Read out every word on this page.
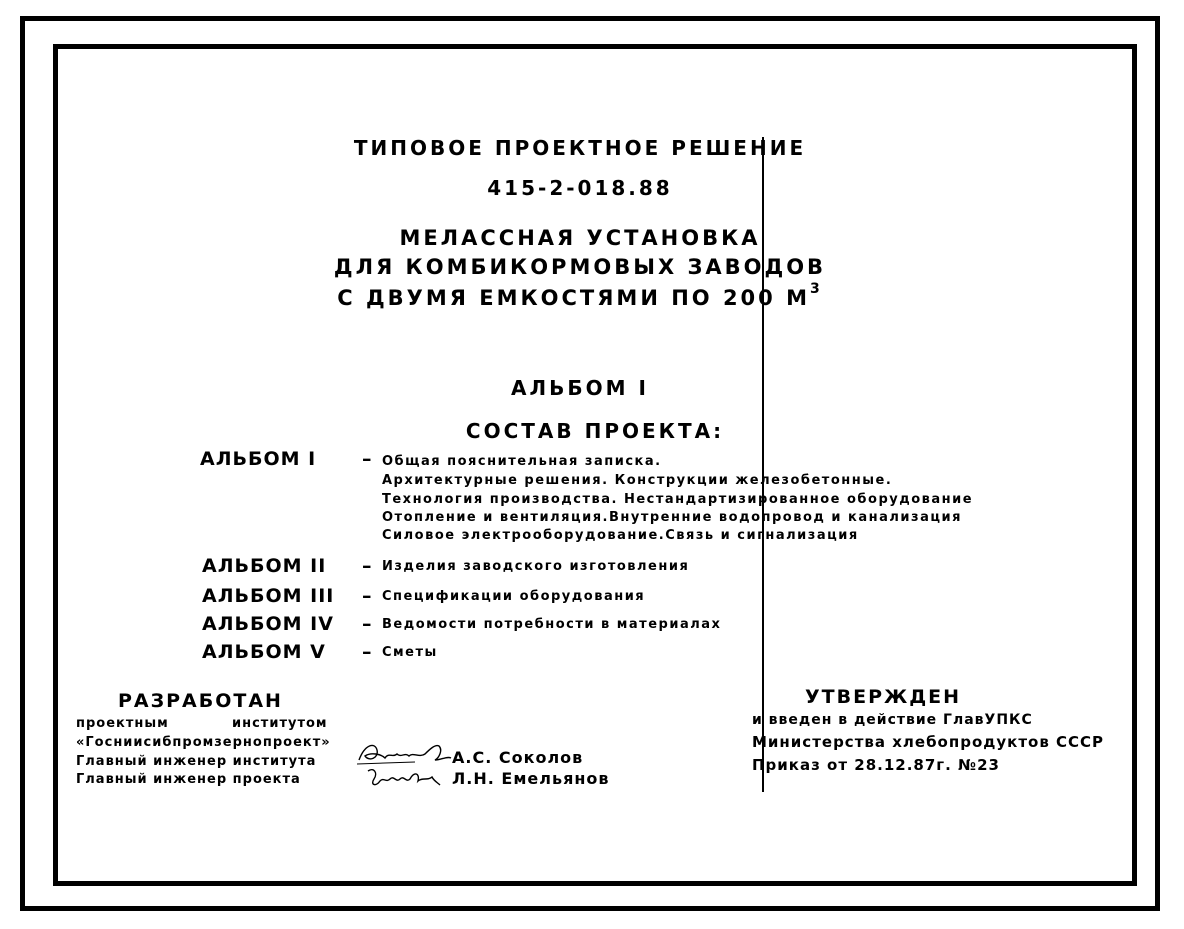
ТИПОВОЕ ПРОЕКТНОЕ РЕШЕНИЕ
415-2-018.88
МЕЛАССНАЯ УСТАНОВКА
ДЛЯ КОМБИКОРМОВЫХ ЗАВОДОВ
С ДВУМЯ ЕМКОСТЯМИ ПО 200 $М^3$
АЛЬБОМ I
СОСТАВ ПРОЕКТА:
АЛЬБОМ I – Общая пояснительная записка.
Архитектурные решения. Конструкции железобетонные.
Технология производства. Нестандартизированное оборудование
Отопление и вентиляция.Внутренние водопровод и канализация
Силовое электрооборудование.Связь и сигнализация
АЛЬБОМ II – Изделия заводского изготовления
АЛЬБОМ III – Спецификации оборудования
АЛЬБОМ IV – Ведомости потребности в материалах
АЛЬБОМ V – Сметы
РАЗРАБОТАН
проектным	институтом
«Госниисибпромзернопроект»
Главный инженер института
Главный инженер проекта
А.С. Соколов
Л.Н. Емельянов
УТВЕРЖДЕН
и введен в действие ГлавУПКС
Министерства хлебопродуктов СССР
Приказ от 28.12.87г. №23
